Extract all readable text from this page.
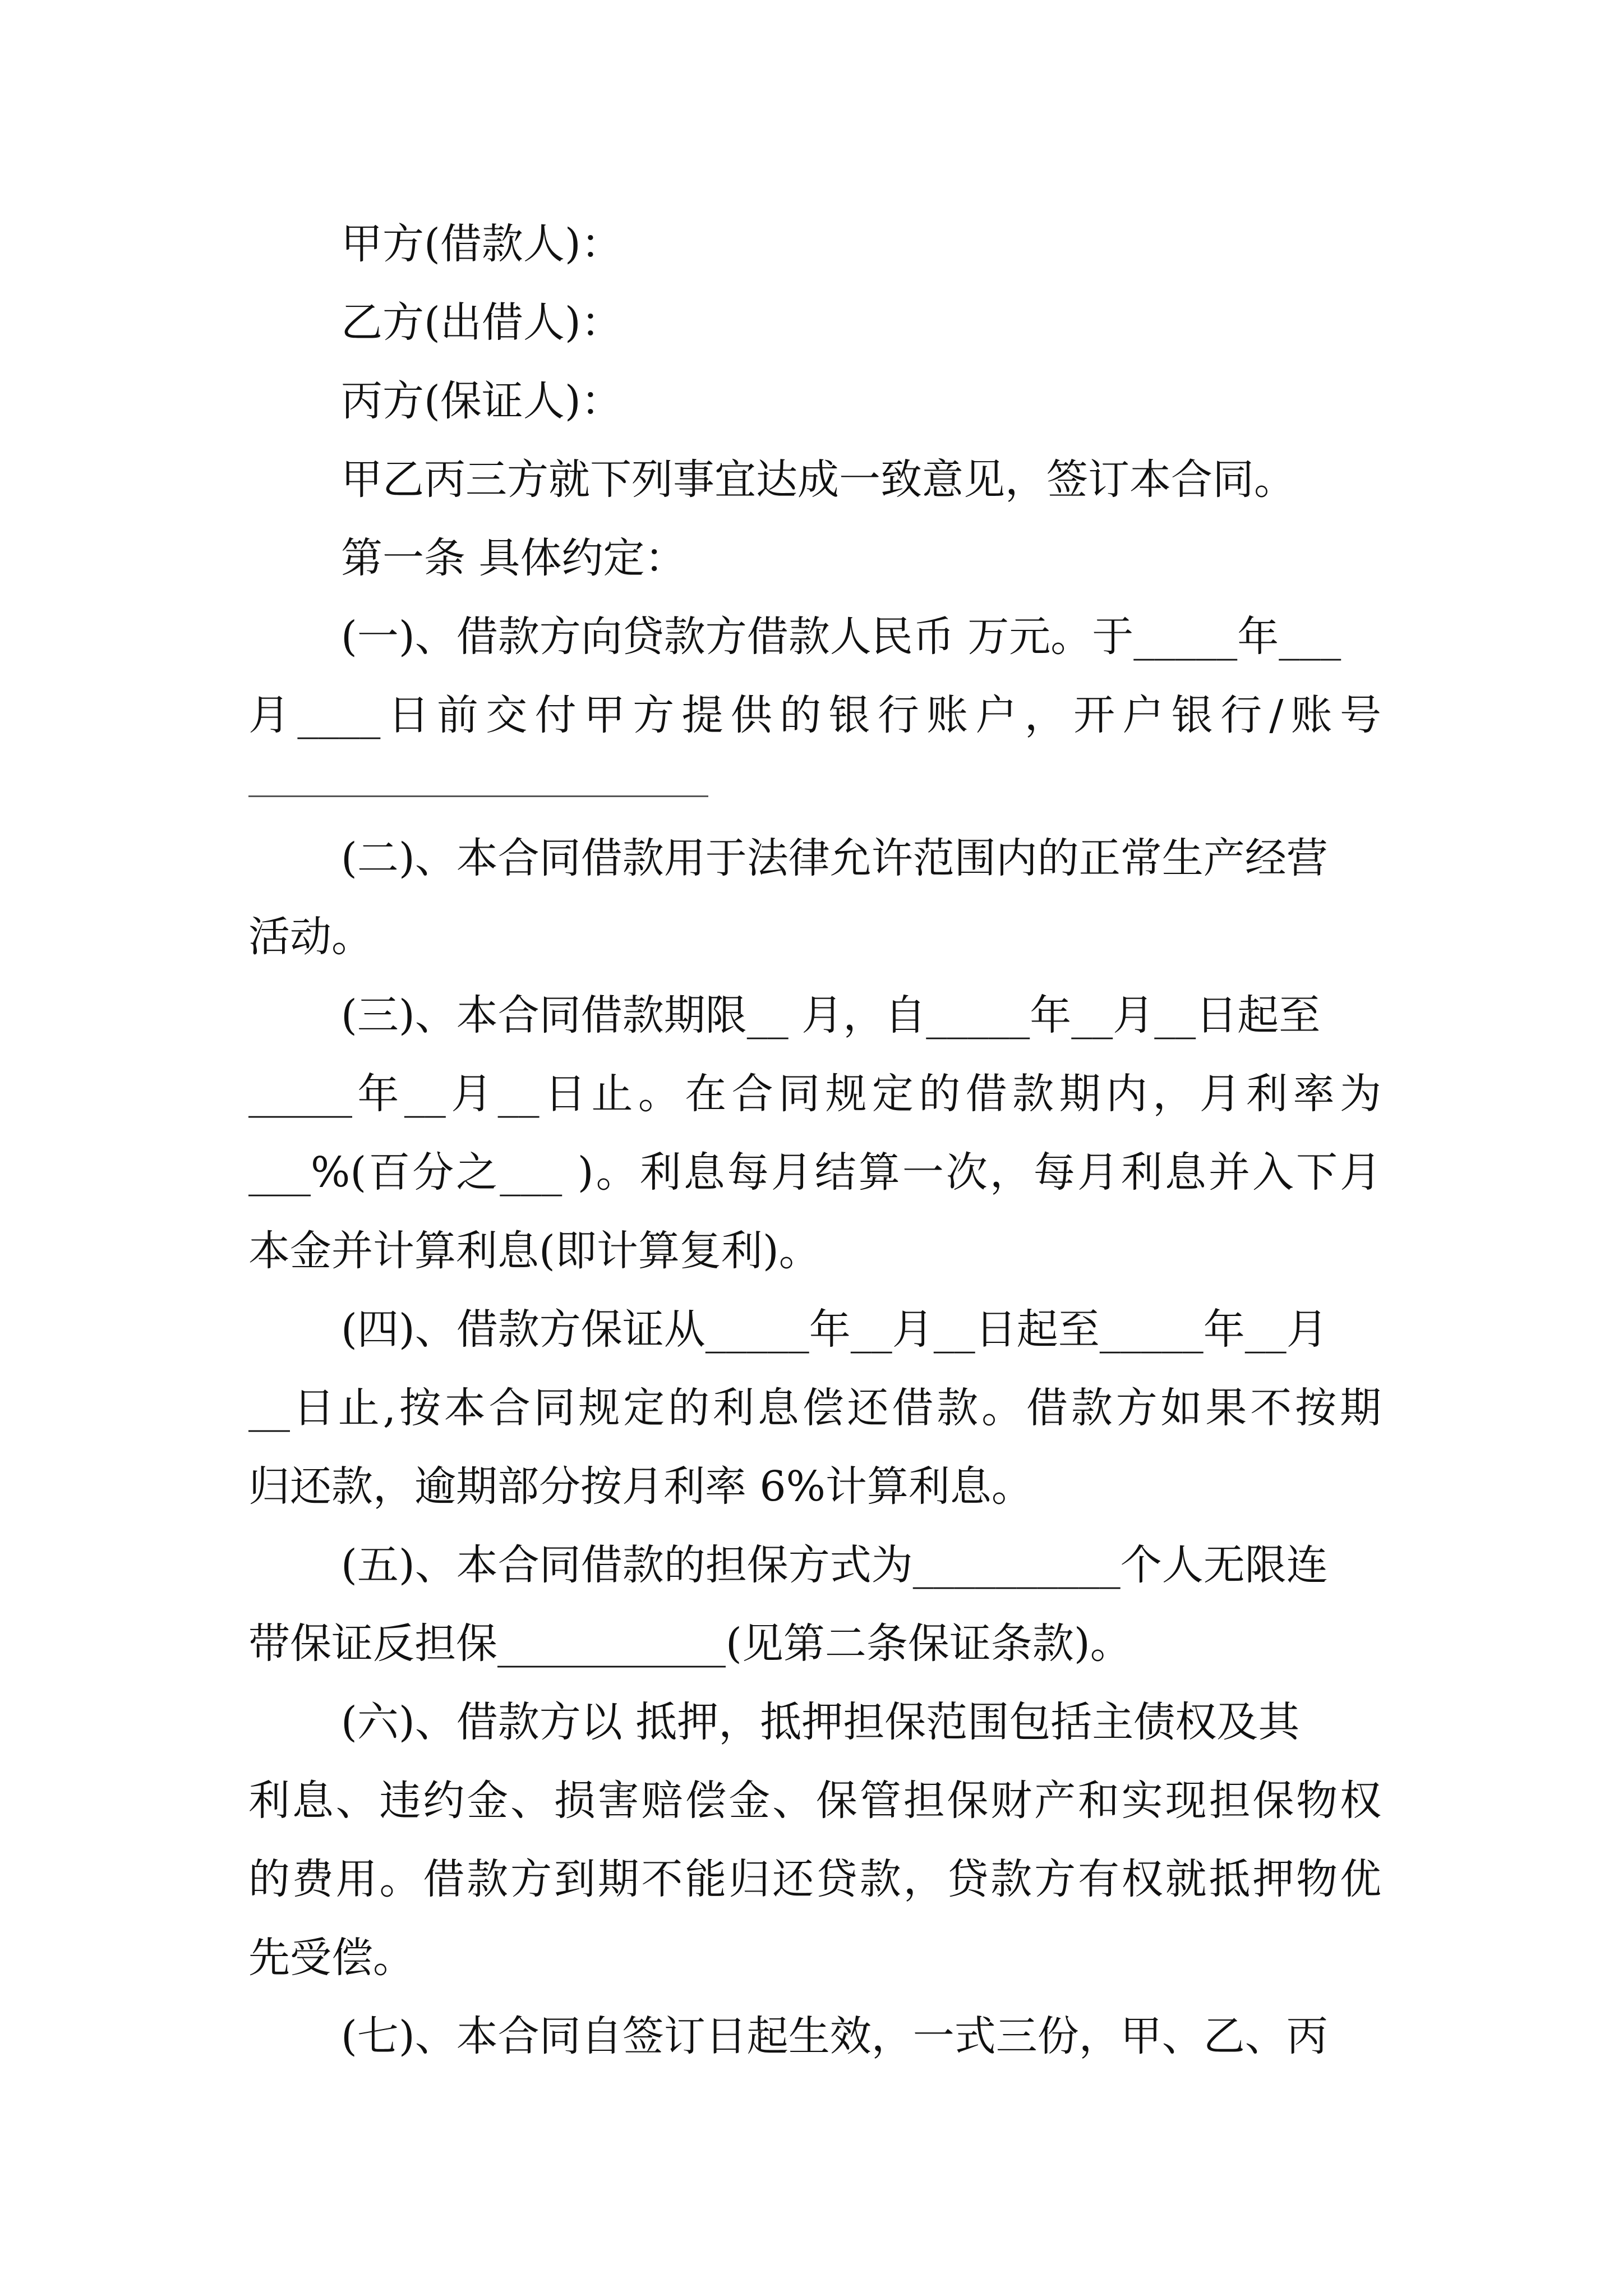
甲方(借款人)：
乙方(出借人)：
丙方(保证人)：
甲乙丙三方就下列事宜达成一致意见，签订本合同。
第一条 具体约定：
(一)、借款方向贷款方借款人民币 万元。于_____年___
月____日前交付甲方提供的银行账户，开户银行/账号
(二)、本合同借款用于法律允许范围内的正常生产经营
活动。
(三)、本合同借款期限__ 月，自_____年__月__日起至
_____年__月__日止。在合同规定的借款期内，月利率为
___%(百分之___ )。利息每月结算一次，每月利息并入下月
本金并计算利息(即计算复利)。
(四)、借款方保证从_____年__月__日起至_____年__月
__日止,按本合同规定的利息偿还借款。借款方如果不按期
归还款，逾期部分按月利率 6%计算利息。
(五)、本合同借款的担保方式为__________个人无限连
带保证反担保___________(见第二条保证条款)。
(六)、借款方以 抵押，抵押担保范围包括主债权及其
利息、违约金、损害赔偿金、保管担保财产和实现担保物权
的费用。借款方到期不能归还贷款，贷款方有权就抵押物优
先受偿。
(七)、本合同自签订日起生效，一式三份，甲、乙、丙
